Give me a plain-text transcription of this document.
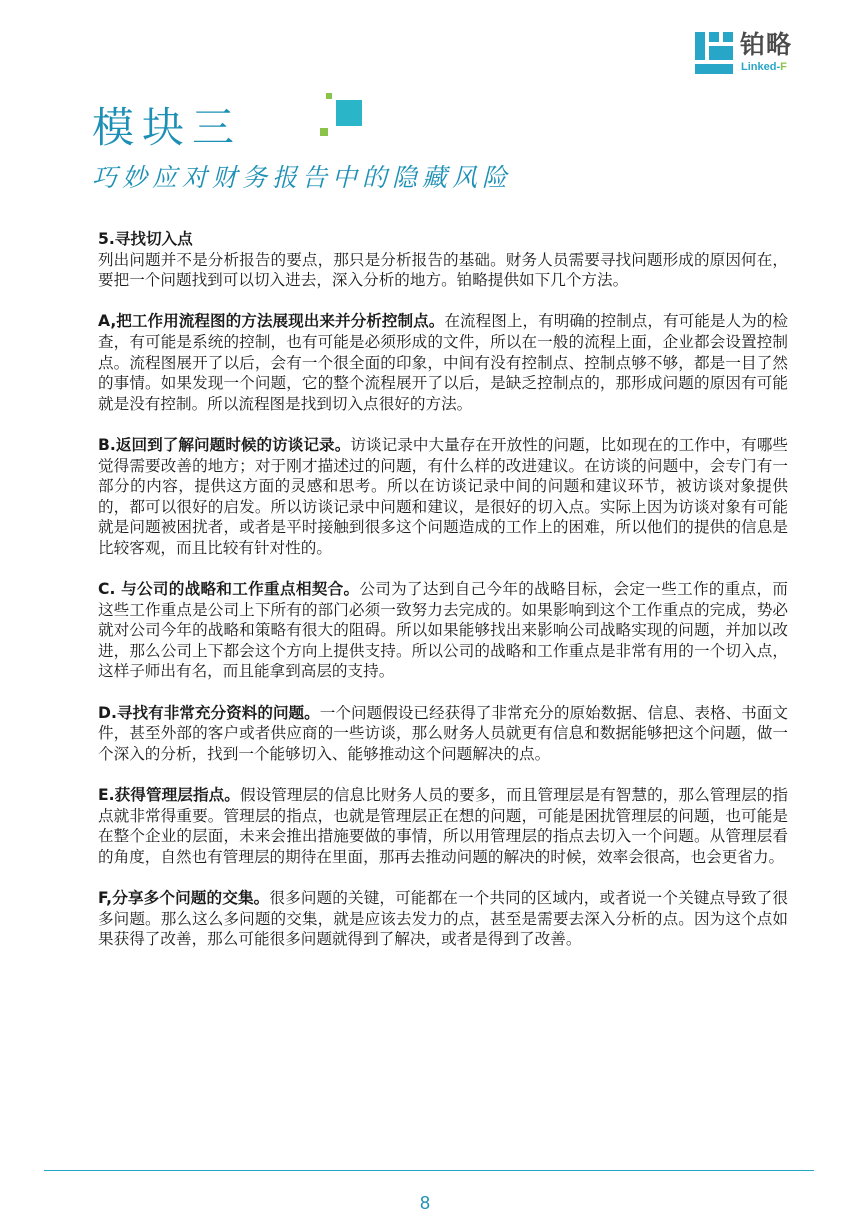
铂略
Linked-F
模块三
巧妙应对财务报告中的隐藏风险
5.寻找切入点

列出问题并不是分析报告的要点，那只是分析报告的基础。财务人员需要寻找问题形成的原因何在，要把一个问题找到可以切入进去，深入分析的地方。铂略提供如下几个方法。

A,把工作用流程图的方法展现出来并分析控制点。在流程图上，有明确的控制点，有可能是人为的检查，有可能是系统的控制，也有可能是必须形成的文件，所以在一般的流程上面，企业都会设置控制点。流程图展开了以后，会有一个很全面的印象，中间有没有控制点、控制点够不够，都是一目了然的事情。如果发现一个问题，它的整个流程展开了以后，是缺乏控制点的，那形成问题的原因有可能就是没有控制。所以流程图是找到切入点很好的方法。

B.返回到了解问题时候的访谈记录。访谈记录中大量存在开放性的问题，比如现在的工作中，有哪些觉得需要改善的地方；对于刚才描述过的问题，有什么样的改进建议。在访谈的问题中，会专门有一部分的内容，提供这方面的灵感和思考。所以在访谈记录中间的问题和建议环节，被访谈对象提供的，都可以很好的启发。所以访谈记录中问题和建议，是很好的切入点。实际上因为访谈对象有可能就是问题被困扰者，或者是平时接触到很多这个问题造成的工作上的困难，所以他们的提供的信息是比较客观，而且比较有针对性的。

C. 与公司的战略和工作重点相契合。公司为了达到自己今年的战略目标，会定一些工作的重点，而这些工作重点是公司上下所有的部门必须一致努力去完成的。如果影响到这个工作重点的完成，势必就对公司今年的战略和策略有很大的阻碍。所以如果能够找出来影响公司战略实现的问题，并加以改进，那么公司上下都会这个方向上提供支持。所以公司的战略和工作重点是非常有用的一个切入点，这样子师出有名，而且能拿到高层的支持。

D.寻找有非常充分资料的问题。一个问题假设已经获得了非常充分的原始数据、信息、表格、书面文件，甚至外部的客户或者供应商的一些访谈，那么财务人员就更有信息和数据能够把这个问题，做一个深入的分析，找到一个能够切入、能够推动这个问题解决的点。

E.获得管理层指点。假设管理层的信息比财务人员的要多，而且管理层是有智慧的，那么管理层的指点就非常得重要。管理层的指点，也就是管理层正在想的问题，可能是困扰管理层的问题，也可能是在整个企业的层面，未来会推出措施要做的事情，所以用管理层的指点去切入一个问题。从管理层看的角度，自然也有管理层的期待在里面，那再去推动问题的解决的时候，效率会很高，也会更省力。

F,分享多个问题的交集。很多问题的关键，可能都在一个共同的区域内，或者说一个关键点导致了很多问题。那么这么多问题的交集，就是应该去发力的点，甚至是需要去深入分析的点。因为这个点如果获得了改善，那么可能很多问题就得到了解决，或者是得到了改善。

8
